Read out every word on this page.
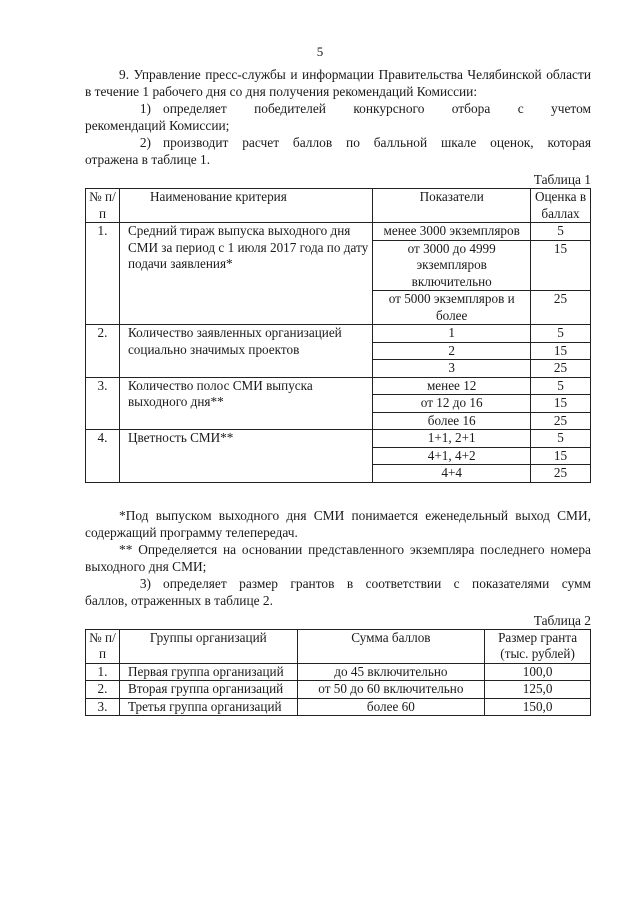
5

9. Управление пресс-службы и информации Правительства Челябинской области в течение 1 рабочего дня со дня получения рекомендаций Комиссии:

1) определяет победителей конкурсного отбора с учетом
рекомендаций Комиссии;
2) производит расчет баллов по балльной шкале оценок, которая
отражена в таблице 1.
Таблица 1
№ п/п	Наименование критерия	Показатели	Оценка в баллах
1.	Средний тираж выпуска выходного дня СМИ за период с 1 июля 2017 года по дату подачи заявления*	менее 3000 экземпляров	5
		от 3000 до 4999 экземпляров включительно	15
		от 5000 экземпляров и более	25
2.	Количество заявленных организацией социально значимых проектов	1	5
		2	15
		3	25
3.	Количество полос СМИ выпуска выходного дня**	менее 12	5
		от 12 до 16	15
		более 16	25
4.	Цветность СМИ**	1+1, 2+1	5
		4+1, 4+2	15
		4+4	25

*Под выпуском выходного дня СМИ понимается еженедельный выход СМИ, содержащий программу телепередач.

** Определяется на основании представленного экземпляра последнего номера выходного дня СМИ;

3) определяет размер грантов в соответствии с показателями сумм
баллов, отраженных в таблице 2.
Таблица 2
№ п/п	Группы организаций	Сумма баллов	Размер гранта (тыс. рублей)
1.	Первая группа организаций	до 45 включительно	100,0
2.	Вторая группа организаций	от 50 до 60 включительно	125,0
3.	Третья группа организаций	более 60	150,0
